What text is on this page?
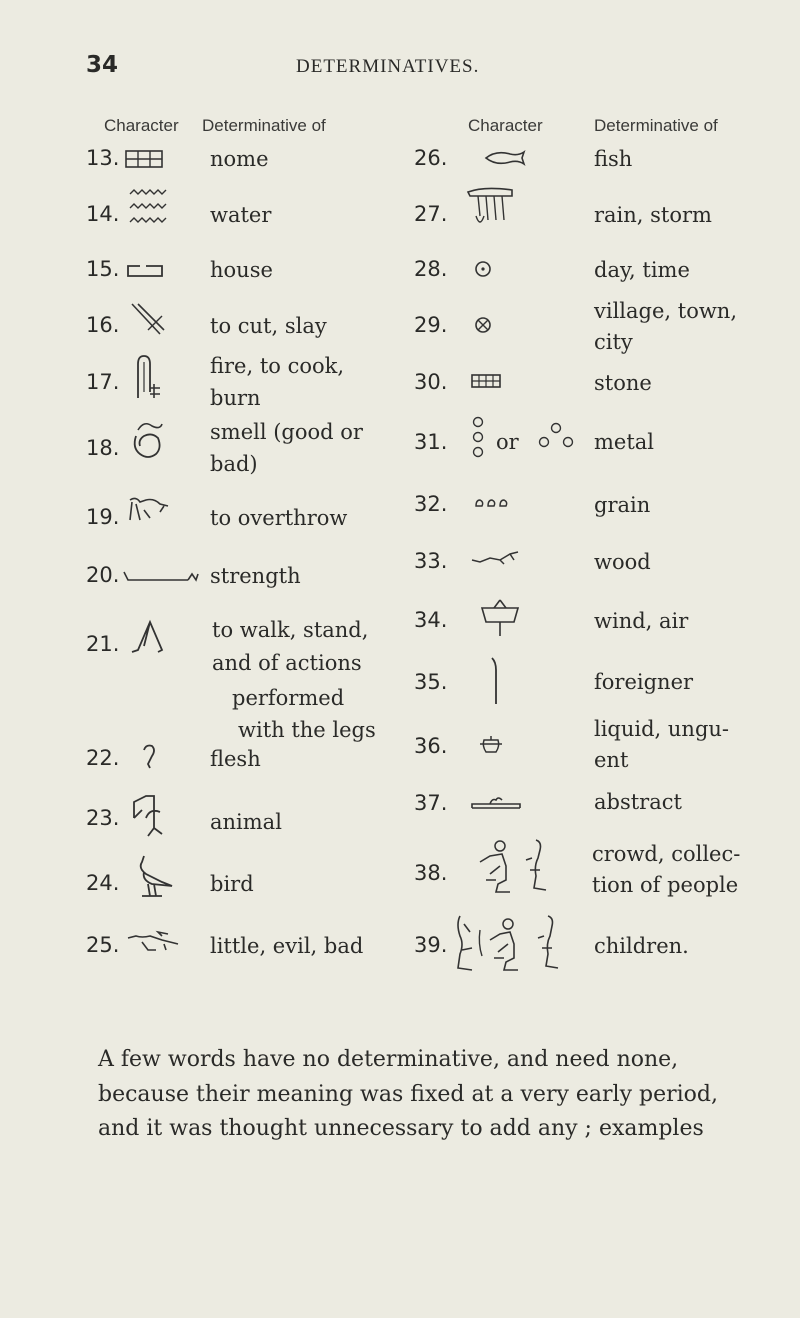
34	DETERMINATIVES.
Character Determinative of	Character	Determinative of
13.	nome
14.	water
15.	house
16.	to cut, slay
17.
fire, to cook,
burn
18.
smell (good or
bad)
19.	to overthrow
20.	strength
21.
to walk, stand,
and of actions
performed
with the legs
22.	flesh
23.	animal
24.	bird
25.	little, evil, bad
26.	fish
27.	rain, storm
28.	day, time
29.
village, town,
city
30.	stone
31. or	metal
32.	grain
33.	wood
34.	wind, air
35.	foreigner
36.
liquid, ungu-
ent
37.	abstract
38.
crowd, collec-
tion of people
39.	children.
A few words have no determinative, and need none,
because their meaning was fixed at a very early period,
and it was thought unnecessary to add any ; examples
